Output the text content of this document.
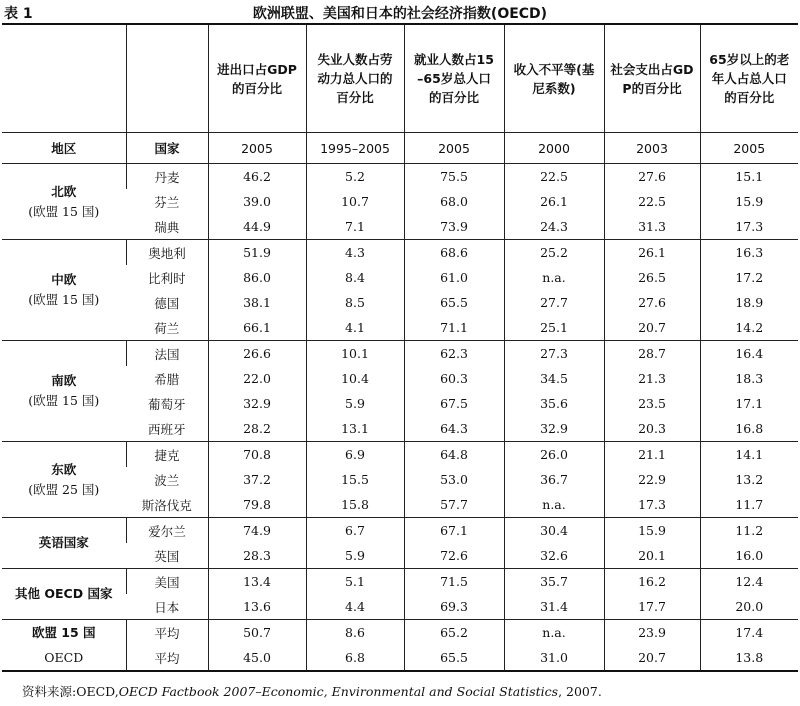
表 1	欧洲联盟、美国和日本的社会经济指数(OECD)

		进出口占GDP的百分比	失业人数占劳动力总人口的百分比	就业人数占15–65岁总人口的百分比	收入不平等(基尼系数)	社会支出占GDP的百分比	65岁以上的老年人占总人口的百分比

地区	国家	2005	1995–2005	2005	2000	2003	2005

北欧
(欧盟 15 国)	丹麦	46.2	5.2	75.5	22.5	27.6	15.1
	芬兰	39.0	10.7	68.0	26.1	22.5	15.9
	瑞典	44.9	7.1	73.9	24.3	31.3	17.3

中欧
(欧盟 15 国)	奥地利	51.9	4.3	68.6	25.2	26.1	16.3
	比利时	86.0	8.4	61.0	n.a.	26.5	17.2
	德国	38.1	8.5	65.5	27.7	27.6	18.9
	荷兰	66.1	4.1	71.1	25.1	20.7	14.2

南欧
(欧盟 15 国)	法国	26.6	10.1	62.3	27.3	28.7	16.4
	希腊	22.0	10.4	60.3	34.5	21.3	18.3
	葡萄牙	32.9	5.9	67.5	35.6	23.5	17.1
	西班牙	28.2	13.1	64.3	32.9	20.3	16.8

东欧
(欧盟 25 国)	捷克	70.8	6.9	64.8	26.0	21.1	14.1
	波兰	37.2	15.5	53.0	36.7	22.9	13.2
	斯洛伐克	79.8	15.8	57.7	n.a.	17.3	11.7

英语国家	爱尔兰	74.9	6.7	67.1	30.4	15.9	11.2
	英国	28.3	5.9	72.6	32.6	20.1	16.0

其他 OECD 国家	美国	13.4	5.1	71.5	35.7	16.2	12.4
	日本	13.6	4.4	69.3	31.4	17.7	20.0
欧盟 15 国	平均	50.7	8.6	65.2	n.a.	23.9	17.4
OECD	平均	45.0	6.8	65.5	31.0	20.7	13.8
资料来源:OECD,OECD Factbook 2007–Economic, Environmental and Social Statistics, 2007.
